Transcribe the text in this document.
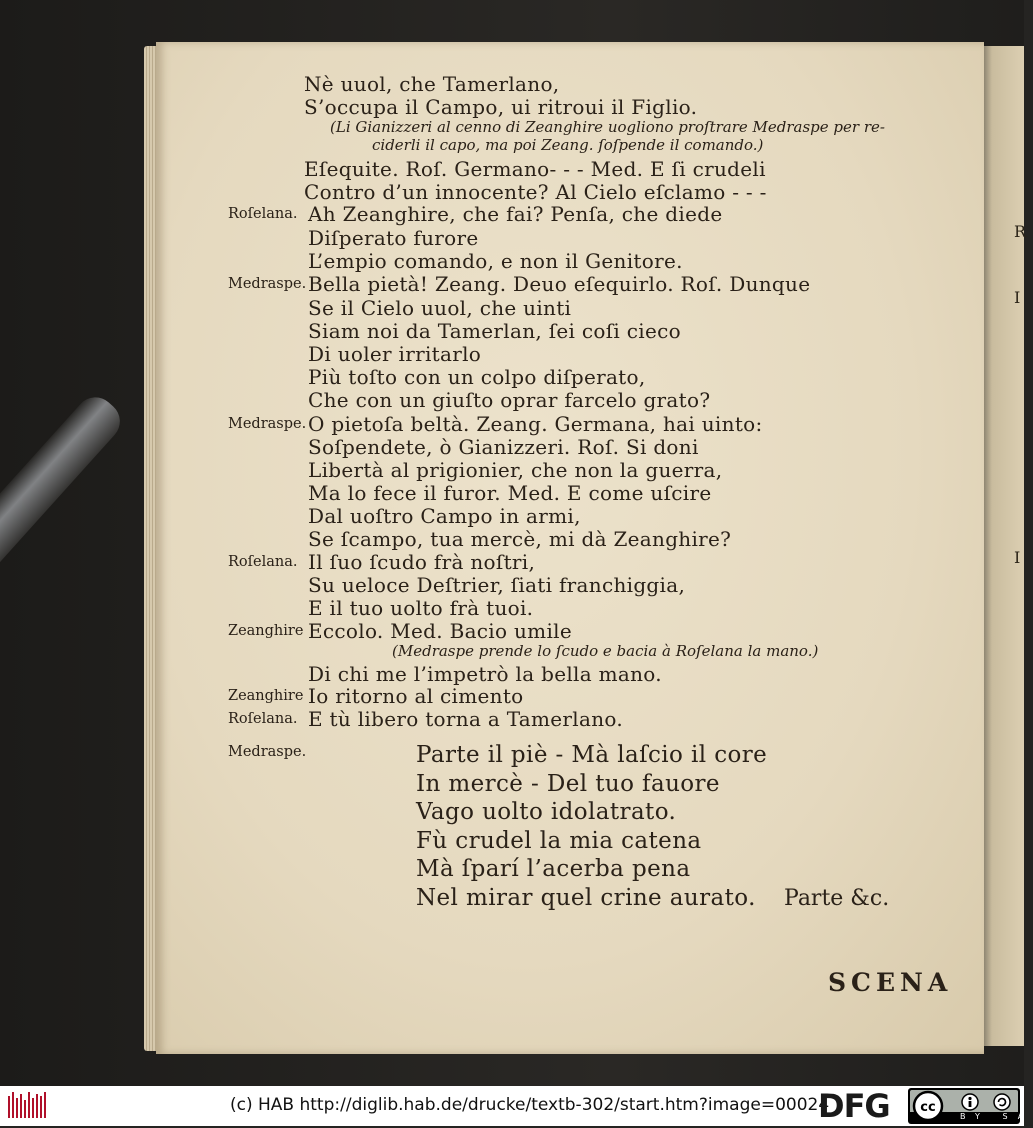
R
I
I
Nè uuol, che Tamerlano,
S’occupa il Campo, ui ritroui il Figlio.
(Li Gianizzeri al cenno di Zeanghire uogliono proſtrare Medraspe per re-
ciderli il capo, ma poi Zeang. ſoſpende il comando.)
Eſequite. Roſ. Germano- - - Med. E ſi crudeli
Contro d’un innocente? Al Cielo eſclamo - - -
Roſelana. Ah Zeanghire, che fai? Penſa, che diede
Diſperato furore
L’empio comando, e non il Genitore.
Medraspe. Bella pietà! Zeang. Deuo eſequirlo. Roſ. Dunque
Se il Cielo uuol, che uinti
Siam noi da Tamerlan, ſei coſi cieco
Di uoler irritarlo
Più toſto con un colpo diſperato,
Che con un giuſto oprar farcelo grato?
Medraspe. O pietoſa beltà. Zeang. Germana, hai uinto:
Soſpendete, ò Gianizzeri. Roſ. Si doni
Libertà al prigionier, che non la guerra,
Ma lo fece il furor. Med. E come uſcire
Dal uoſtro Campo in armi,
Se ſcampo, tua mercè, mi dà Zeanghire?
Roſelana. Il ſuo ſcudo frà noſtri,
Su ueloce Deſtrier, ſiati franchiggia,
E il tuo uolto frà tuoi.
Zeanghire Eccolo. Med. Bacio umile
(Medraspe prende lo ſcudo e bacia à Roſelana la mano.)
Di chi me l’impetrò la bella mano.
Zeanghire Io ritorno al cimento
Roſelana. E tù libero torna a Tamerlano.
Medraspe.	Parte il piè - Mà laſcio il core
In mercè - Del tuo fauore
Vago uolto idolatrato.
Fù crudel la mia catena
Mà ſparí l’acerba pena
Nel mirar quel crine aurato. Parte &c.
SCENA
(c) HAB http://diglib.hab.de/drucke/textb-302/start.htm?image=00024
DFG cc
BY SA
